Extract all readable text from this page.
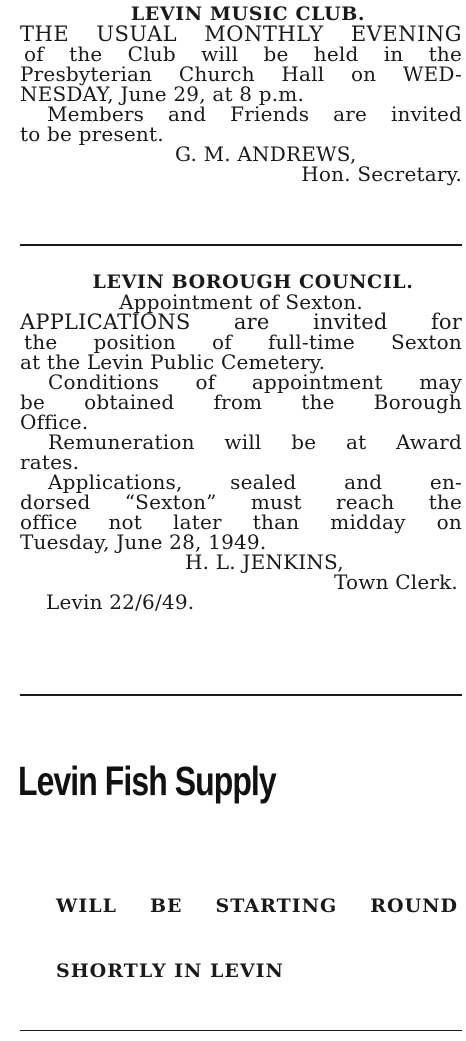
LEVIN MUSIC CLUB.
THE USUAL MONTHLY EVENING
of the Club will be held in the
Presbyterian Church Hall on WED-
NESDAY, June 29, at 8 p.m.
Members and Friends are invited
to be present.
G. M. ANDREWS,
Hon. Secretary.
LEVIN BOROUGH COUNCIL.
Appointment of Sexton.
APPLICATIONS are invited for
the position of full-time Sexton
at the Levin Public Cemetery.
Conditions of appointment may
be obtained from the Borough
Office.
Remuneration will be at Award
rates.
Applications, sealed and en-
dorsed “Sexton” must reach the
office not later than midday on
Tuesday, June 28, 1949.
H. L. JENKINS,
Town Clerk.
Levin 22/6/49.
Levin Fish Supply
WILL BE STARTING ROUND
SHORTLY IN LEVIN
